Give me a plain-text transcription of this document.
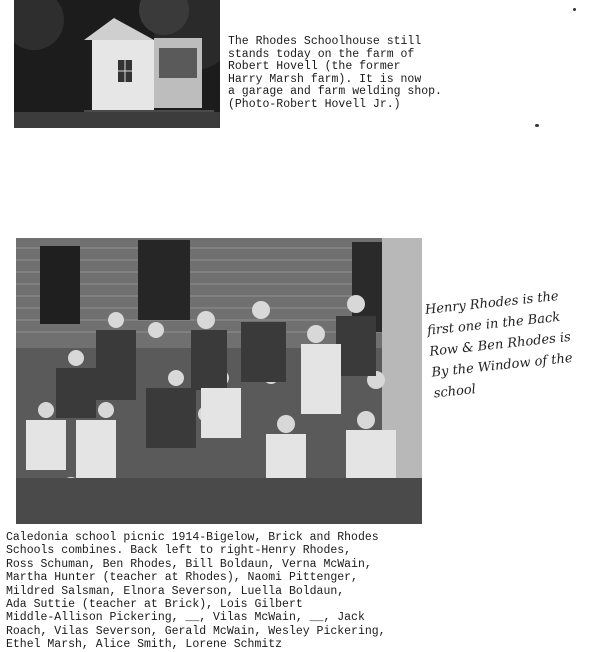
The Rhodes Schoolhouse still
stands today on the farm of
Robert Hovell (the former
Harry Marsh farm). It is now
a garage and farm welding shop.
(Photo-Robert Hovell Jr.)
Henry Rhodes is the
first one in the Back
Row & Ben Rhodes is
By the Window of the
school
Caledonia school picnic 1914-Bigelow, Brick and Rhodes
Schools combines. Back left to right-Henry Rhodes,
Ross Schuman, Ben Rhodes, Bill Boldaun, Verna McWain,
Martha Hunter (teacher at Rhodes), Naomi Pittenger,
Mildred Salsman, Elnora Severson, Luella Boldaun,
Ada Suttie (teacher at Brick), Lois Gilbert
Middle-Allison Pickering, __, Vilas McWain, __, Jack
Roach, Vilas Severson, Gerald McWain, Wesley Pickering,
Ethel Marsh, Alice Smith, Lorene Schmitz
